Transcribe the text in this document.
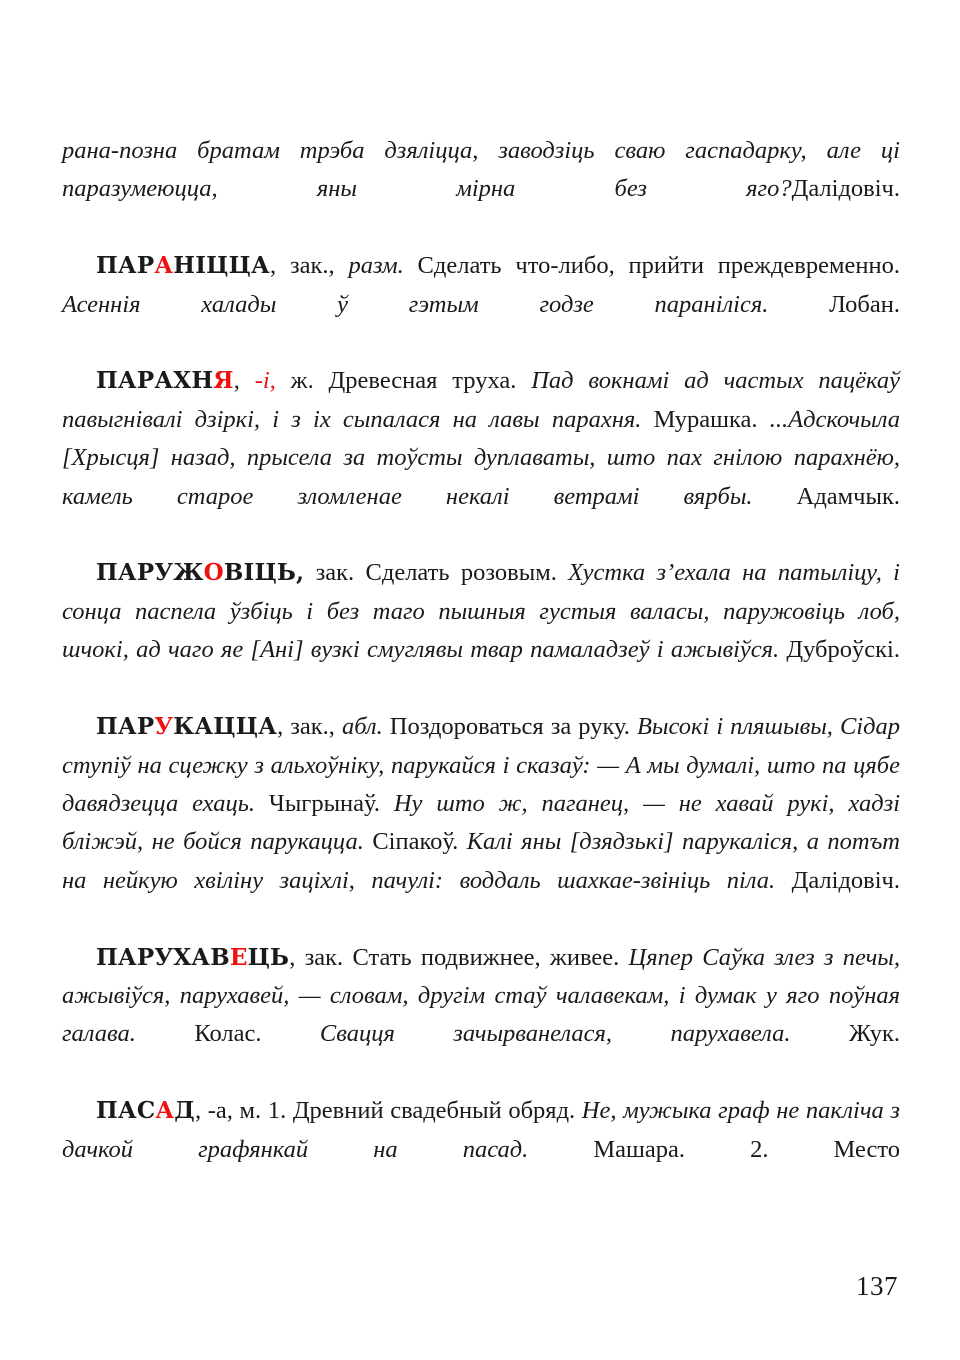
рана-позна братам трэба дзяліцца, заводзіць сваю гаспадарку, але ці паразумеюцца, яны мірна без яго?Далідовіч.

ПАРАНІЦЦА, зак., разм. Сделать что-либо, прийти преждевременно. Асеннія халады ў гэтым годзе параніліся. Лобан.

ПАРАХНЯ, -і, ж. Древесная труха. Пад вокнамі ад частых пацёкаў павыгнівалі дзіркі, і з іх сыпалася на лавы парахня. Мурашка. ...Адскочыла [Хрысця] назад, прысела за тоўсты дуплаваты, што пах гнілою парахнёю, камель старое зломленае некалі ветрамі вярбы. Адамчык.

ПАРУЖОВІЦЬ, зак. Сделать розовым. Хустка з’ехала на патыліцу, і сонца паспела ўзбіць і без таго пышныя густыя валасы, паружовіць лоб, шчокі, ад чаго яе [Ані] вузкі смуглявы твар памаладзеў і ажывіўся. Дуброўскі.

ПАРУКАЦЦА, зак., абл. Поздороваться за руку. Высокі і пляшывы, Сідар ступіў на сцежку з альхоўніку, парукайся і сказаў: — А мы думалі, што па цябе давядзецца ехаць. Чыгрынаў. Ну што ж, паганец, — не хавай рукі, хадзі бліжэй, не бойся парукацца. Сіпакоў. Калі яны [дзядзькі] парукаліся, а потът на нейкую хвіліну заціхлі, пачулі: воддаль шахкае-звініць піла. Далідовіч.

ПАРУХАВЕЦЬ, зак. Стать подвижнее, живее. Цяпер Саўка злез з печы, ажывіўся, парухавей, — словам, другім стаў чалавекам, і думак у яго поўная галава. Колас. Свацця зачырванелася, парухавела. Жук.

ПАСАД, -а, м. 1. Древний свадебный обряд. Не, мужыка граф не пакліча з дачкой графянкай на пасад. Машара. 2. Место

137
